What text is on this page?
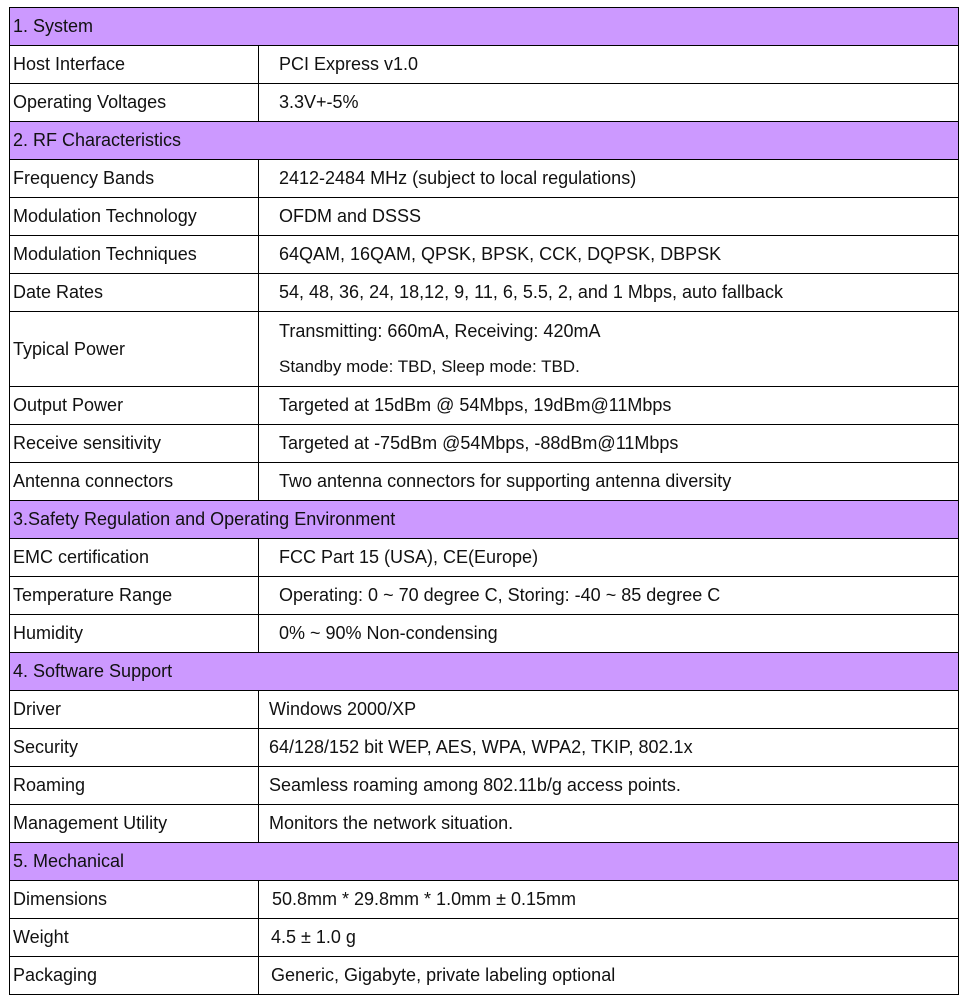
1. System	
Host Interface	PCI Express v1.0
Operating Voltages	3.3V+-5%
2. RF Characteristics	
Frequency Bands	2412-2484 MHz (subject to local regulations)
Modulation Technology	OFDM and DSSS
Modulation Techniques	64QAM, 16QAM, QPSK, BPSK, CCK, DQPSK, DBPSK
Date Rates	54, 48, 36, 24, 18,12, 9, 11, 6, 5.5, 2, and 1 Mbps, auto fallback
Typical Power	Transmitting: 660mA, Receiving: 420mA
Standby mode: TBD, Sleep mode: TBD.

Output Power	Targeted at 15dBm @ 54Mbps, 19dBm@11Mbps
Receive sensitivity	Targeted at -75dBm @54Mbps, -88dBm@11Mbps
Antenna connectors	Two antenna connectors for supporting antenna diversity
3.Safety Regulation and Operating Environment	
EMC certification	FCC Part 15 (USA), CE(Europe)
Temperature Range	Operating: 0 ~ 70 degree C, Storing: -40 ~ 85 degree C
Humidity	0% ~ 90% Non-condensing
4. Software Support	
Driver	Windows 2000/XP
Security	64/128/152 bit WEP, AES, WPA, WPA2, TKIP, 802.1x
Roaming	Seamless roaming among 802.11b/g access points.
Management Utility	Monitors the network situation.
5. Mechanical	
Dimensions	50.8mm * 29.8mm * 1.0mm ± 0.15mm
Weight	4.5 ± 1.0 g
Packaging	Generic, Gigabyte, private labeling optional
